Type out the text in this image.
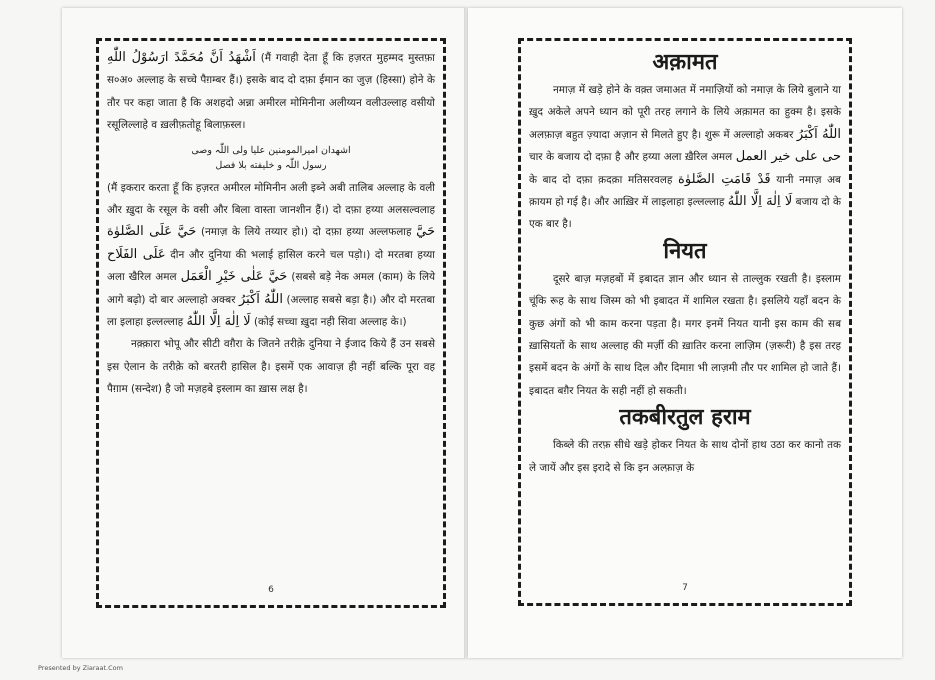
اَشْهَدُ اَنَّ مُحَمَّدً ارَسُوْلُ اللّٰهِ (मैं गवाही देता हूँ कि हज़रत मुहम्मद मुस्तफ़ा स०अ० अल्लाह के सच्चे पैग़म्बर हैं।) इसके बाद दो दफ़ा ईमान का जुज़ (हिस्सा) होने के तौर पर कहा जाता है कि अशहदो अन्ना अमीरल मोमिनीना अलीय्यन वलीउल्लाह वसीयो रसूलिल्लाहे व ख़लीफ़तोहू बिलाफ़स्ल।

اشهدان امیرالمومنین علیا ولی اللّٰہ وصی
رسول اللّٰہ و خلیفته بلا فصل

(मैं इकरार करता हूँ कि हज़रत अमीरल मोमिनीन अली इब्ने अबी तालिब अल्लाह के वली और ख़ुदा के रसूल के वसी और बिला वास्ता जानशीन हैं।) दो दफ़ा हय्या अलसल्वलाह حَيَّ عَلَى الصَّلوٰة (नमाज़ के लिये तय्यार हो।) दो दफ़ा हय्या अल्लफलाह حَيَّ عَلَى الفَلَاح दीन और दुनिया की भलाई हासिल करने चल पड़ो।) दो मरतबा हय्या अला खैरिल अमल حَيَّ عَلٰى خَيْرِ الْعَمَل (सबसे बड़े नेक अमल (काम) के लिये आगे बढ़ो) दो बार अल्लाहो अक्बर اللّٰهُ اَكْبَرُ (अल्लाह सबसे बड़ा है।) और दो मरतबा ला इलाहा इल्लल्लाह لَا اِلٰهَ اِلَّا اللّٰهُ (कोई सच्चा ख़ुदा नही सिवा अल्लाह के।)

नक़्क़ारा भोपू और सीटी वग़ैरा के जितने तरीक़े दुनिया ने ईजाद किये हैं उन सबसे इस ऐलान के तरीक़े को बरतरी हासिल है। इसमें एक आवाज़ ही नहीं बल्कि पूरा वह पैग़ाम (सन्देश) है जो मज़हबे इस्लाम का ख़ास लक्ष है।

6
अक़ामत

नमाज़ में खड़े होने के वक़्त जमाअत में नमाज़ियों को नमाज़ के लिये बुलाने या ख़ुद अकेले अपने ध्यान को पूरी तरह लगाने के लिये अक़ामत का हुक्म है। इसके अलफ़ाज़ बहुत ज़्यादा अज़ान से मिलते हुए है। शुरू में अल्लाहो अकबर اللّٰهُ اَكْبَرُ चार के बजाय दो दफ़ा है और हय्या अला ख़ैरिल अमल حی علی خیر العمل के बाद दो दफ़ा क़दक़ा मतिसरवलह قَدْ قَامَتِ الصَّلوٰة यानी नमाज़ अब क़ायम हो गई है। और आख़िर में लाइलाहा इल्लल्लाह لَا اِلٰهَ اِلَّا اللّٰهُ बजाय दो के एक बार है।

नियत

दूसरे बाज़ मज़हबों में इबादत ज्ञान और ध्यान से ताल्लुक रखती है। इस्लाम चूंकि रूह के साथ जिस्म को भी इबादत में शामिल रखता है। इसलिये यहाँ बदन के कुछ अंगों को भी काम करना पड़ता है। मगर इनमें नियत यानी इस काम की सब ख़ासियतों के साथ अल्लाह की मर्ज़ी की ख़ातिर करना लाज़िम (ज़रूरी) है इस तरह इसमें बदन के अंगों के साथ दिल और दिमाग़ भी लाज़मी तौर पर शामिल हो जाते हैं। इबादत बग़ैर नियत के सही नहीं हो सकती।

तकबीरतुल हराम

किब्ले की तरफ़ सीधे खड़े होकर नियत के साथ दोनों हाथ उठा कर कानो तक ले जायें और इस इरादे से कि इन अल्फ़ाज़ के

7
Presented by Ziaraat.Com
